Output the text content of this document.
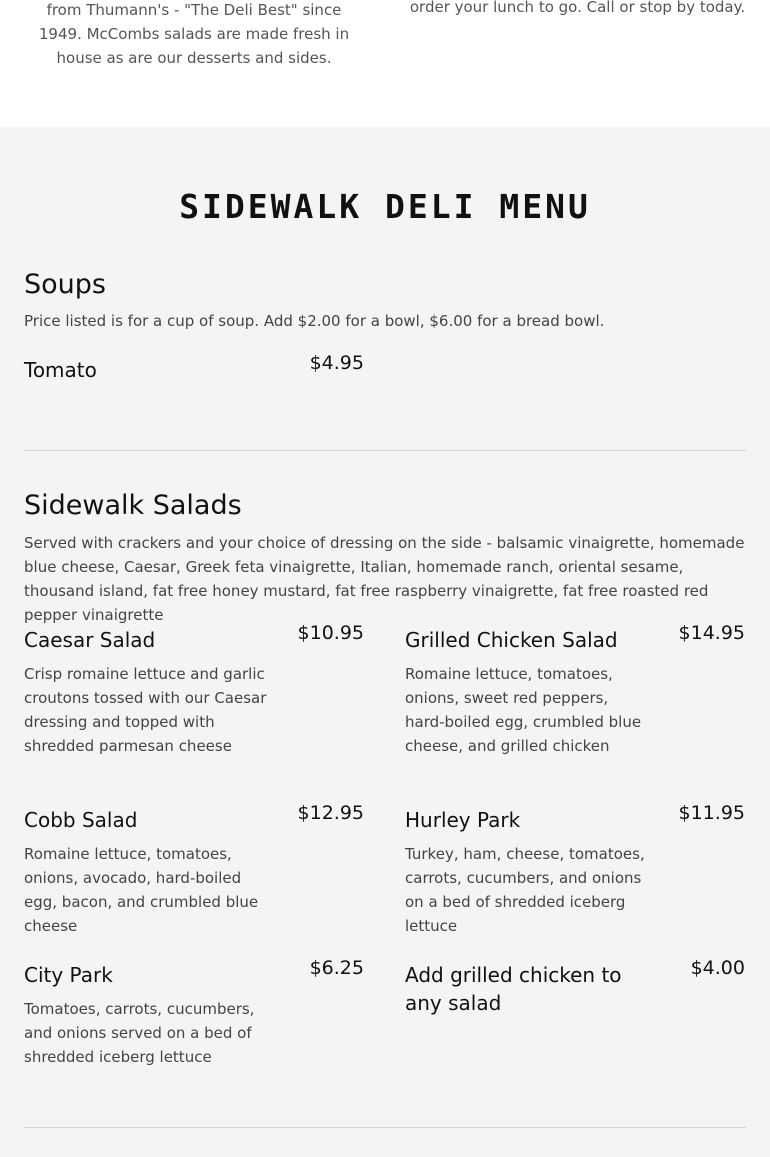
from Thumann's - "The Deli Best" since 1949. McCombs salads are made fresh in house as are our desserts and sides.

order your lunch to go. Call or stop by today.

SIDEWALK DELI MENU
Soups

Price listed is for a cup of soup. Add $2.00 for a bowl, $6.00 for a bread bowl.

Tomato	$4.95
Sidewalk Salads

Served with crackers and your choice of dressing on the side - balsamic vinaigrette, homemade blue cheese, Caesar, Greek feta vinaigrette, Italian, homemade ranch, oriental sesame, thousand island, fat free honey mustard, fat free raspberry vinaigrette, fat free roasted red pepper vinaigrette

Caesar Salad	$10.95

Crisp romaine lettuce and garlic croutons tossed with our Caesar dressing and topped with shredded parmesan cheese

Grilled Chicken Salad	$14.95

Romaine lettuce, tomatoes, onions, sweet red peppers, hard-boiled egg, crumbled blue cheese, and grilled chicken

Cobb Salad	$12.95

Romaine lettuce, tomatoes, onions, avocado, hard-boiled egg, bacon, and crumbled blue cheese

Hurley Park	$11.95

Turkey, ham, cheese, tomatoes, carrots, cucumbers, and onions on a bed of shredded iceberg lettuce

City Park	$6.25

Tomatoes, carrots, cucumbers, and onions served on a bed of shredded iceberg lettuce

Add grilled chicken to any salad

$4.00
